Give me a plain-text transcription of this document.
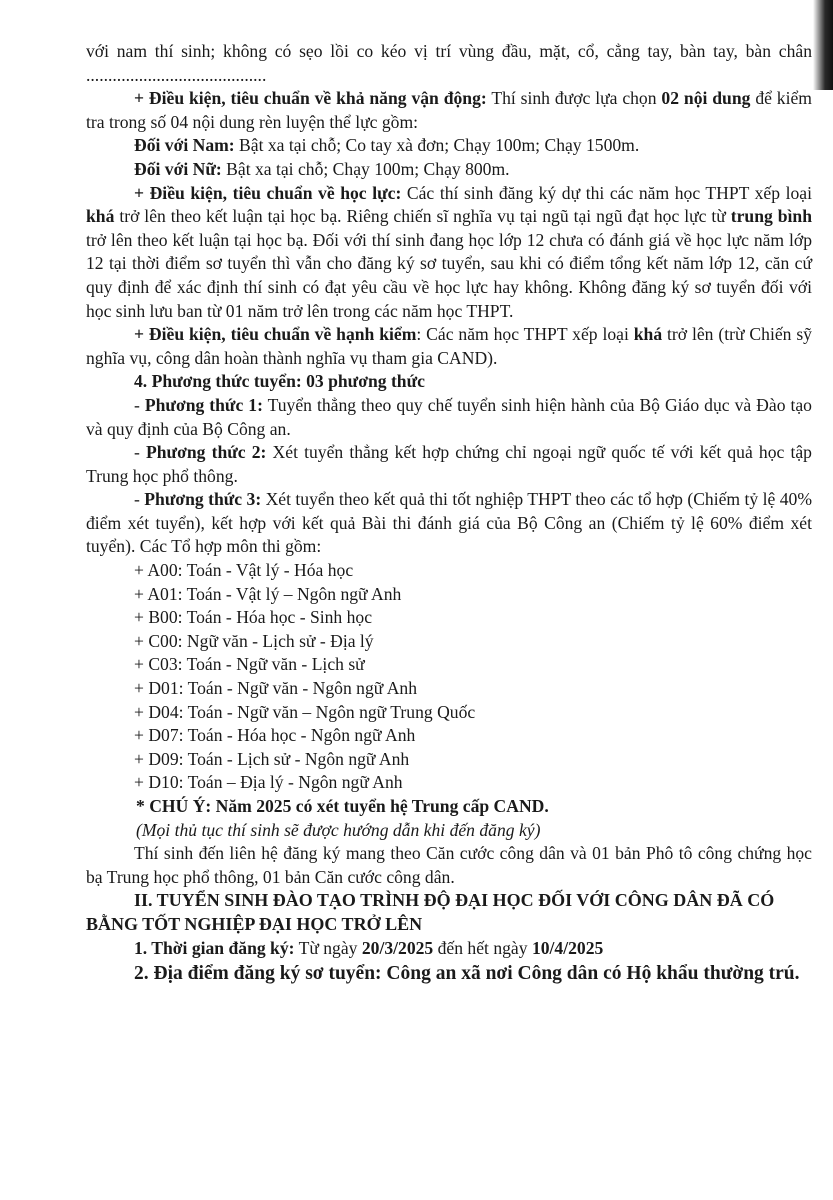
với nam thí sinh; không có sẹo lồi co kéo vị trí vùng đầu, mặt, cổ, cẳng tay, bàn tay, bàn chân .........................................

+ Điều kiện, tiêu chuẩn về khả năng vận động: Thí sinh được lựa chọn 02 nội dung để kiểm tra trong số 04 nội dung rèn luyện thể lực gồm:

Đối với Nam: Bật xa tại chỗ; Co tay xà đơn; Chạy 100m; Chạy 1500m.

Đối với Nữ: Bật xa tại chỗ; Chạy 100m; Chạy 800m.

+ Điều kiện, tiêu chuẩn về học lực: Các thí sinh đăng ký dự thi các năm học THPT xếp loại khá trở lên theo kết luận tại học bạ. Riêng chiến sĩ nghĩa vụ tại ngũ tại ngũ đạt học lực từ trung bình trở lên theo kết luận tại học bạ. Đối với thí sinh đang học lớp 12 chưa có đánh giá về học lực năm lớp 12 tại thời điểm sơ tuyển thì vẫn cho đăng ký sơ tuyển, sau khi có điểm tổng kết năm lớp 12, căn cứ quy định để xác định thí sinh có đạt yêu cầu về học lực hay không. Không đăng ký sơ tuyển đối với học sinh lưu ban từ 01 năm trở lên trong các năm học THPT.

+ Điều kiện, tiêu chuẩn về hạnh kiểm: Các năm học THPT xếp loại khá trở lên (trừ Chiến sỹ nghĩa vụ, công dân hoàn thành nghĩa vụ tham gia CAND).

4. Phương thức tuyển: 03 phương thức

- Phương thức 1: Tuyển thẳng theo quy chế tuyển sinh hiện hành của Bộ Giáo dục và Đào tạo và quy định của Bộ Công an.

- Phương thức 2: Xét tuyển thẳng kết hợp chứng chỉ ngoại ngữ quốc tế với kết quả học tập Trung học phổ thông.

- Phương thức 3: Xét tuyển theo kết quả thi tốt nghiệp THPT theo các tổ hợp (Chiếm tỷ lệ 40% điểm xét tuyển), kết hợp với kết quả Bài thi đánh giá của Bộ Công an (Chiếm tỷ lệ 60% điểm xét tuyển). Các Tổ hợp môn thi gồm:

+ A00: Toán - Vật lý - Hóa học

+ A01: Toán - Vật lý – Ngôn ngữ Anh

+ B00: Toán - Hóa học - Sinh học

+ C00: Ngữ văn - Lịch sử - Địa lý

+ C03: Toán - Ngữ văn - Lịch sử

+ D01: Toán - Ngữ văn - Ngôn ngữ Anh

+ D04: Toán - Ngữ văn – Ngôn ngữ Trung Quốc

+ D07: Toán - Hóa học - Ngôn ngữ Anh

+ D09: Toán - Lịch sử - Ngôn ngữ Anh

+ D10: Toán – Địa lý - Ngôn ngữ Anh

* CHÚ Ý: Năm 2025 có xét tuyển hệ Trung cấp CAND.

(Mọi thủ tục thí sinh sẽ được hướng dẫn khi đến đăng ký)

Thí sinh đến liên hệ đăng ký mang theo Căn cước công dân và 01 bản Phô tô công chứng học bạ Trung học phổ thông, 01 bản Căn cước công dân.

II. TUYỂN SINH ĐÀO TẠO TRÌNH ĐỘ ĐẠI HỌC ĐỐI VỚI CÔNG DÂN ĐÃ CÓ BẰNG TỐT NGHIỆP ĐẠI HỌC TRỞ LÊN

1. Thời gian đăng ký: Từ ngày 20/3/2025 đến hết ngày 10/4/2025

2. Địa điểm đăng ký sơ tuyển: Công an xã nơi Công dân có Hộ khẩu thường trú.
